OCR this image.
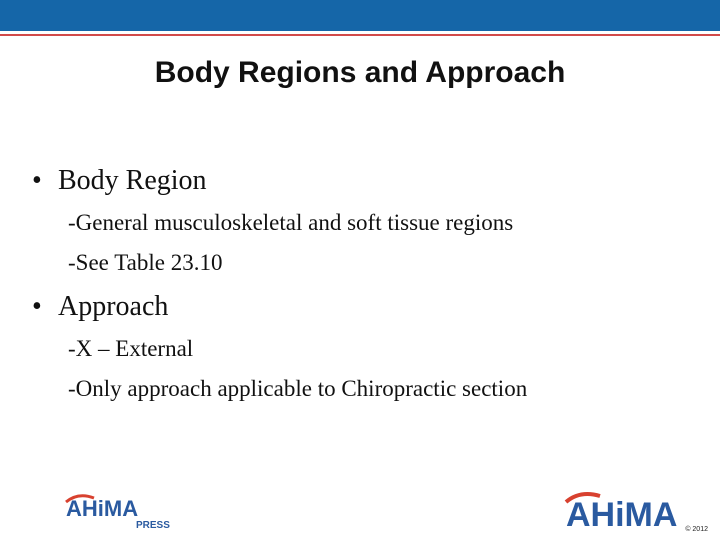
Body Regions and Approach
• Body Region
-General musculoskeletal and soft tissue regions
-See Table 23.10
• Approach
-X – External
-Only approach applicable to Chiropractic section
AHiMA
PRESS	AHiMA © 2012
